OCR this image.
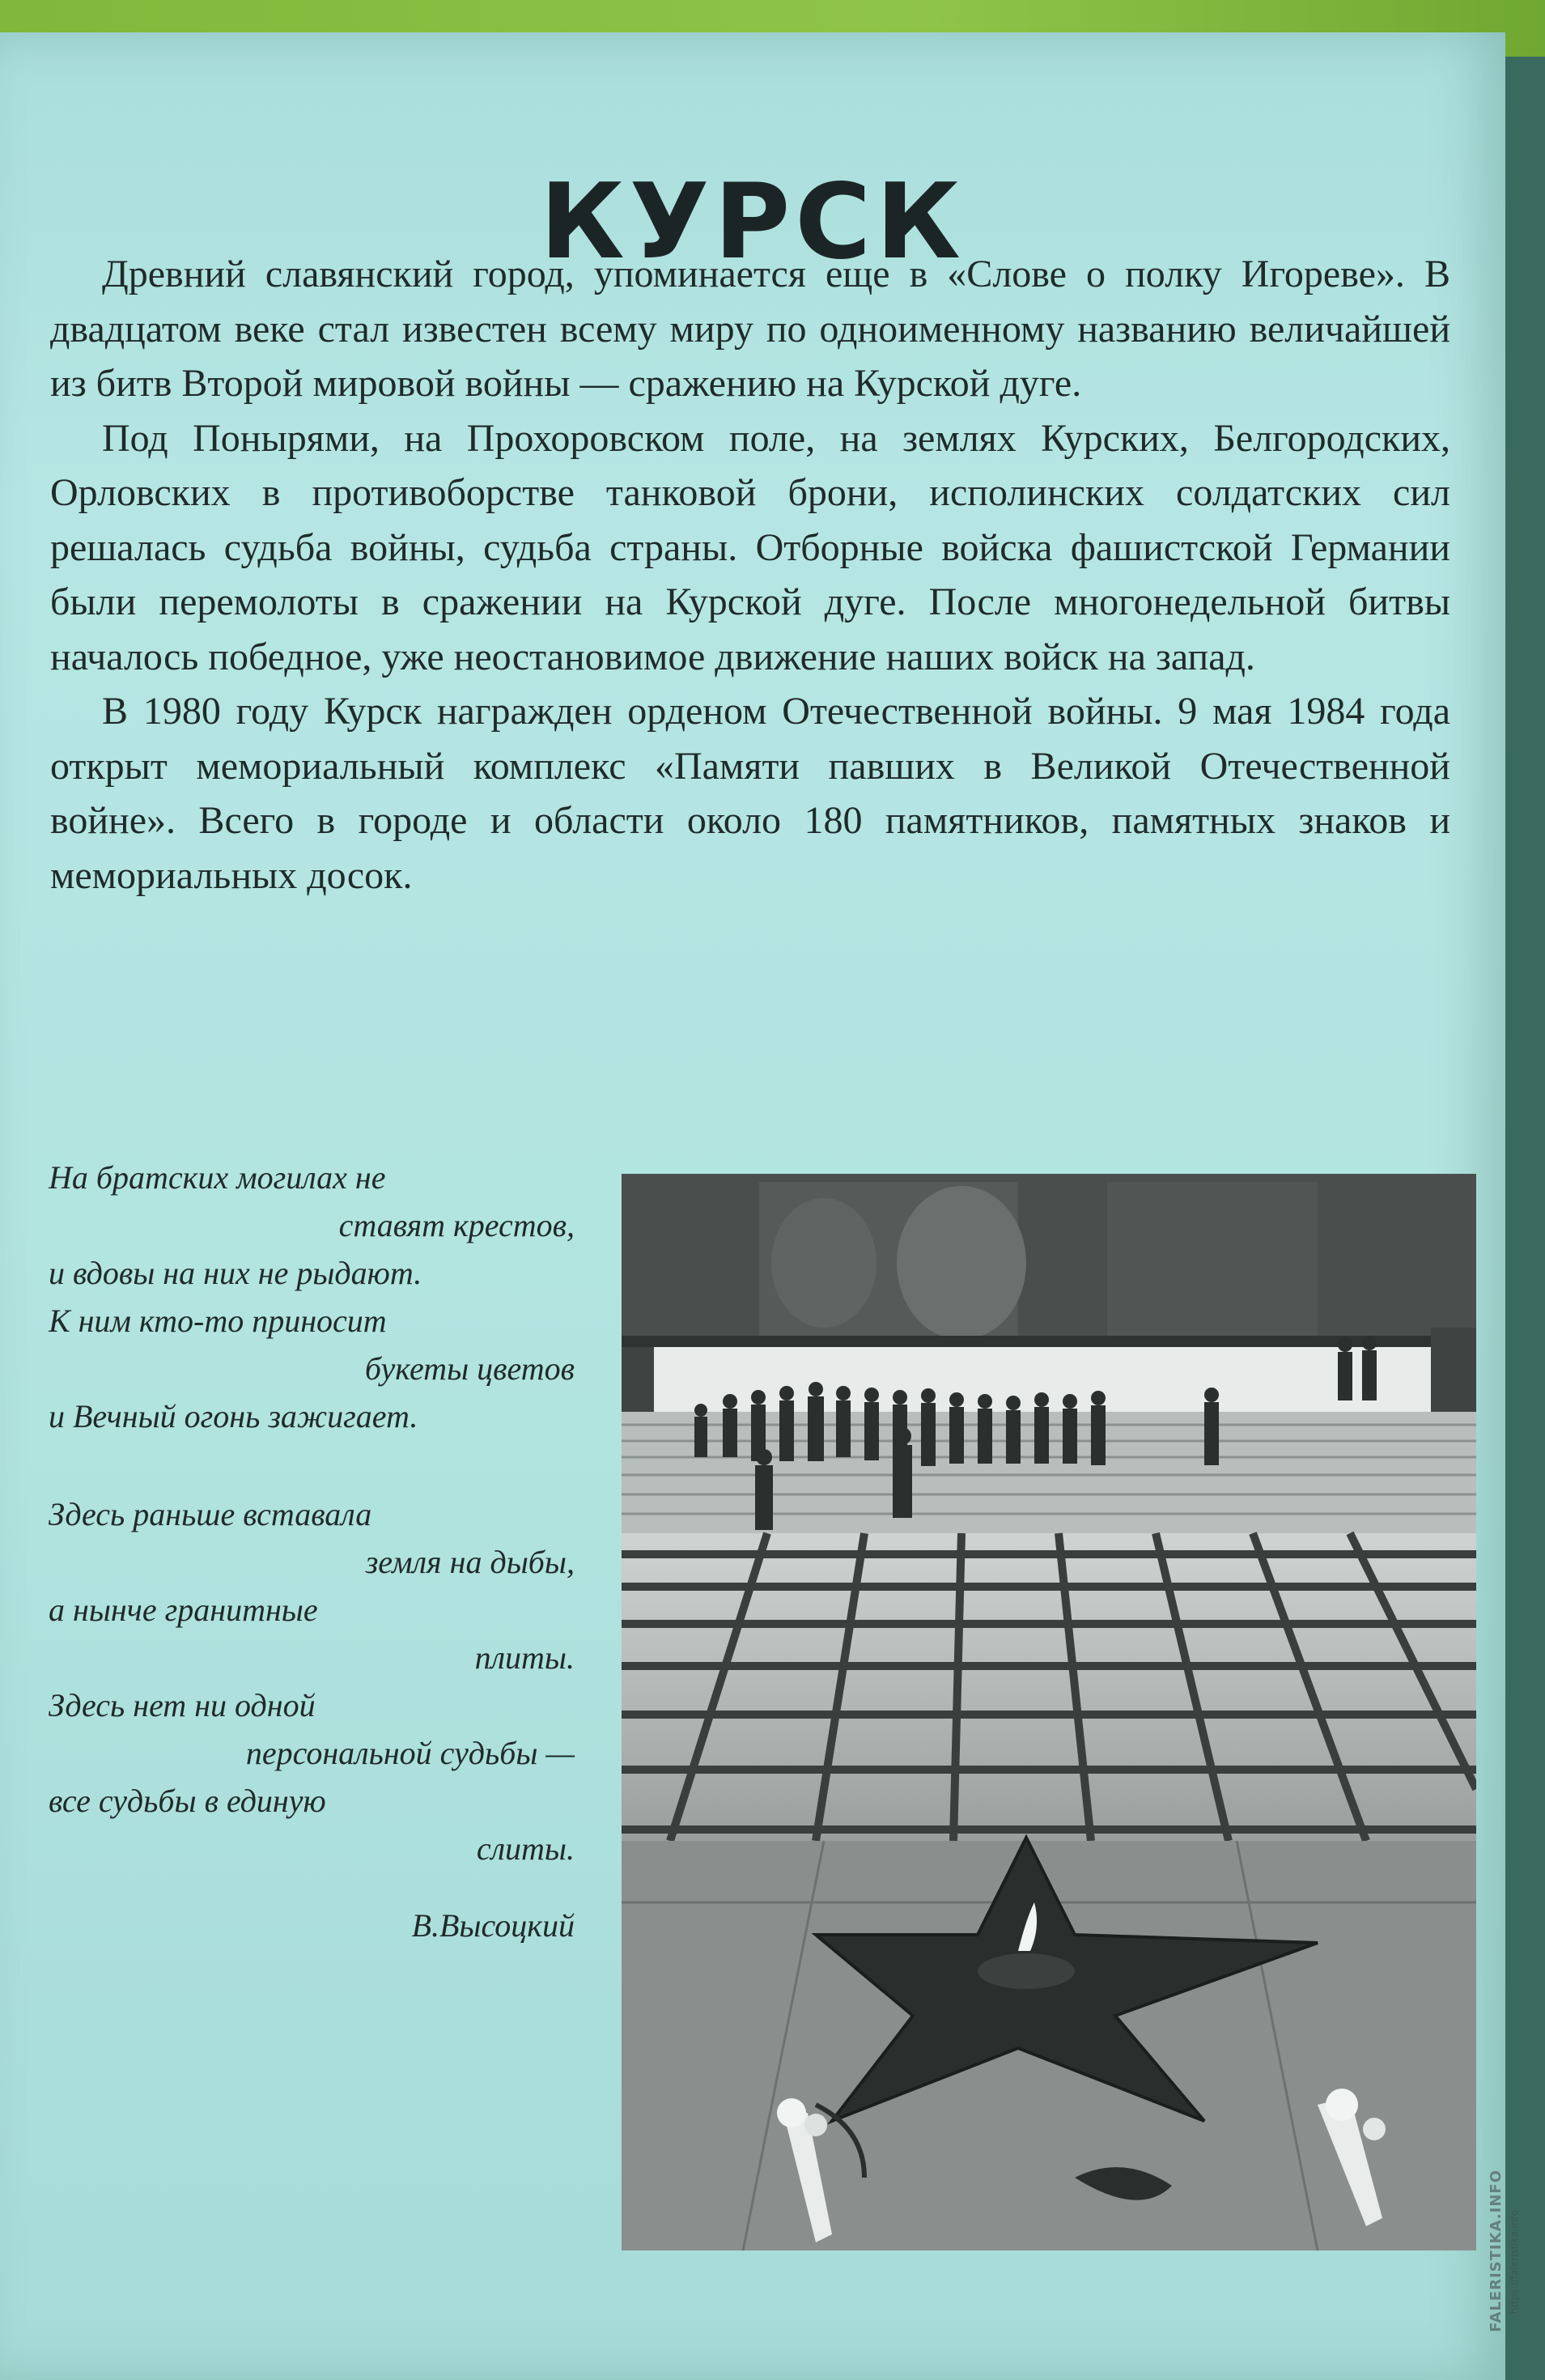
КУРСК

Древний славянский город, упоминается еще в «Слове о полку Игореве». В двадцатом веке стал известен всему миру по одноименному названию величайшей из битв Второй мировой войны — сражению на Курской дуге.

Под Понырями, на Прохоровском поле, на землях Курских, Белгородских, Орловских в противоборстве танковой брони, исполинских солдатских сил решалась судьба войны, судьба страны. Отборные войска фашистской Германии были перемолоты в сражении на Курской дуге. После многонедельной битвы началось победное, уже неостановимое движение наших войск на запад.

В 1980 году Курск награжден орденом Отечественной войны. 9 мая 1984 года открыт мемориальный комплекс «Памяти павших в Великой Отечественной войне». Всего в городе и области около 180 памятников, памятных знаков и мемориальных досок.

На братских могилах не
ставят крестов,
и вдовы на них не рыдают.
К ним кто-то приносит
букеты цветов
и Вечный огонь зажигает.
Здесь раньше вставала
земля на дыбы,
а нынче гранитные
плиты.
Здесь нет ни одной
персональной судьбы —
все судьбы в единую
слиты.
В.Высоцкий
FALERISTIKA.INFO https://faleristika.info
